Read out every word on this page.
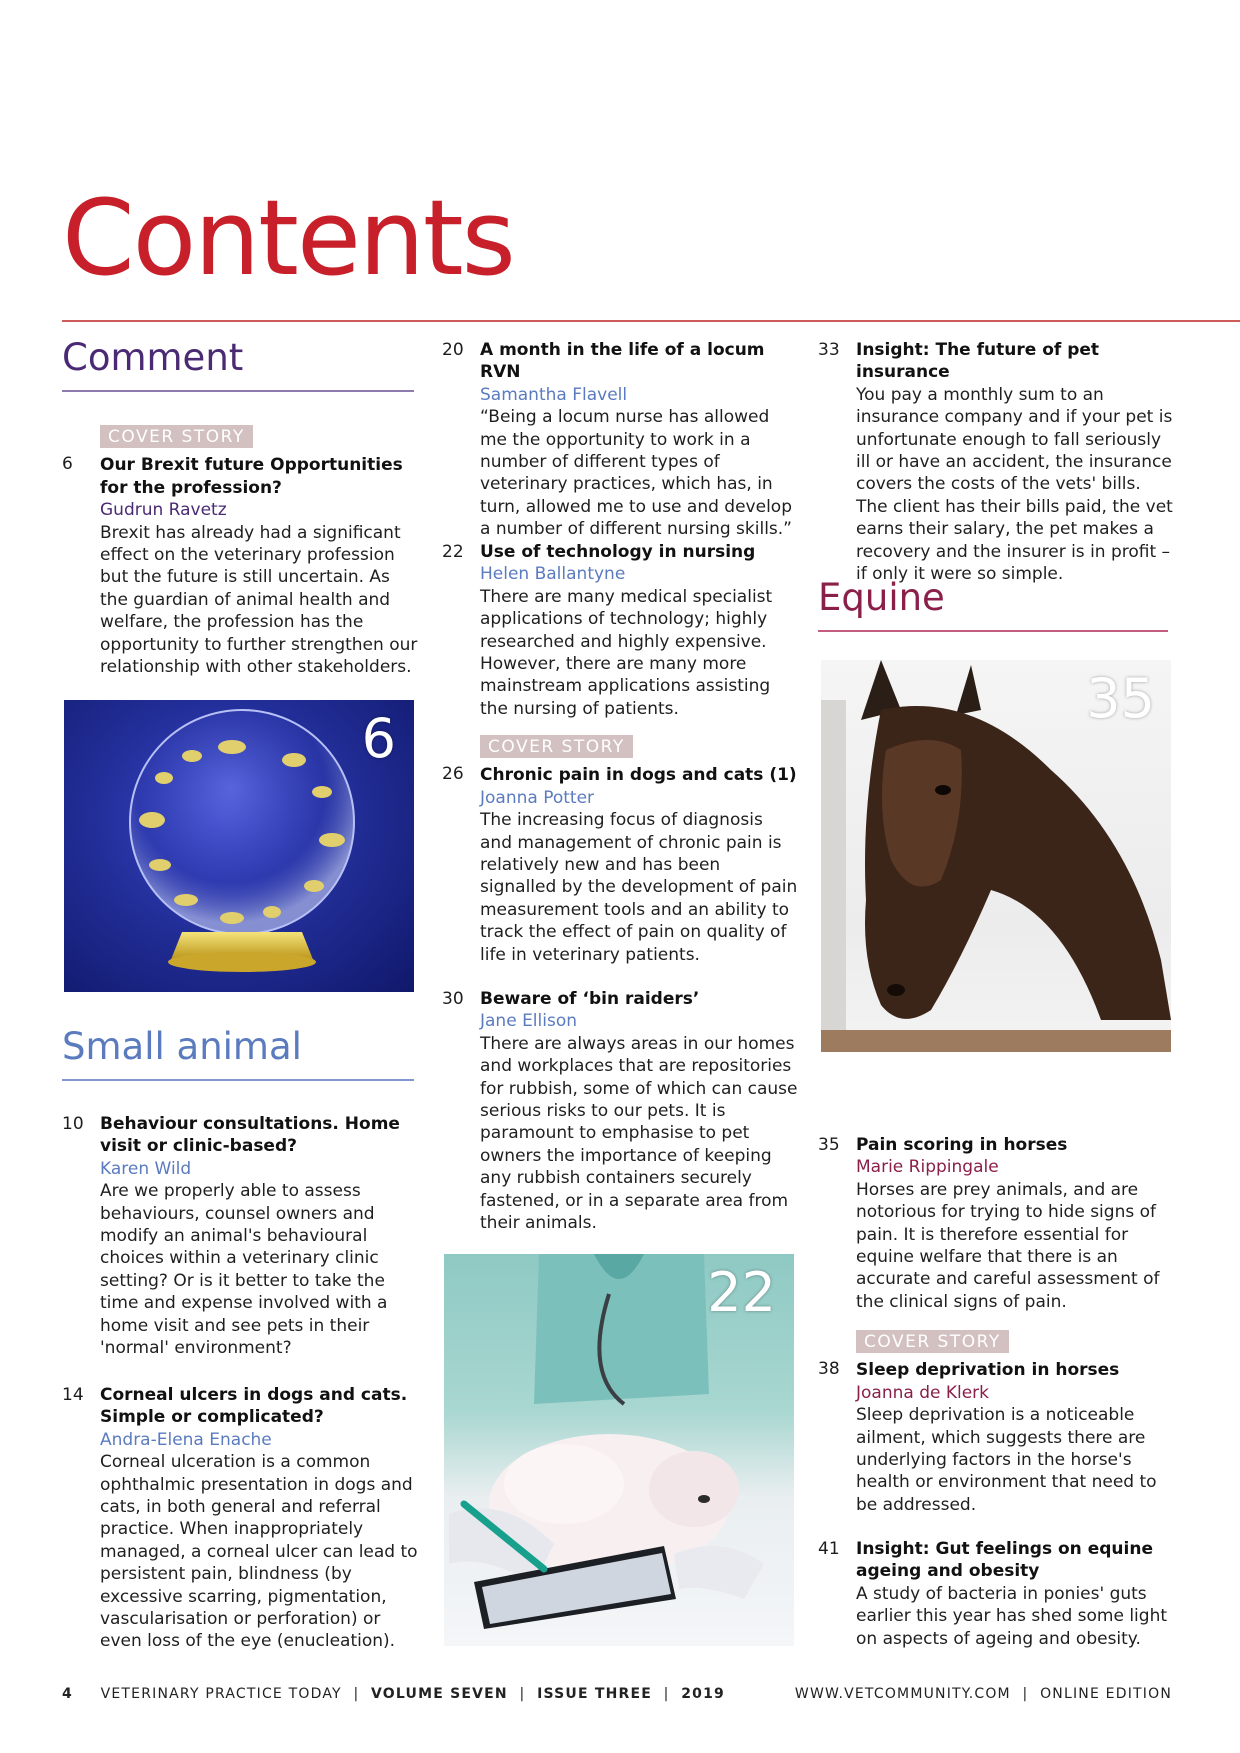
Contents
Comment
COVER STORY
6 Our Brexit future Opportunities for the profession?
Gudrun Ravetz
Brexit has already had a significant effect on the veterinary profession but the future is still uncertain. As the guardian of animal health and welfare, the profession has the opportunity to further strengthen our relationship with other stakeholders.
6
Small animal
10 Behaviour consultations. Home visit or clinic-based?
Karen Wild
Are we properly able to assess behaviours, counsel owners and modify an animal's behavioural choices within a veterinary clinic setting? Or is it better to take the time and expense involved with a home visit and see pets in their 'normal' environment?
14 Corneal ulcers in dogs and cats. Simple or complicated?
Andra-Elena Enache
Corneal ulceration is a common ophthalmic presentation in dogs and cats, in both general and referral practice. When inappropriately managed, a corneal ulcer can lead to persistent pain, blindness (by excessive scarring, pigmentation, vascularisation or perforation) or even loss of the eye (enucleation).
20 A month in the life of a locum RVN
Samantha Flavell
“Being a locum nurse has allowed me the opportunity to work in a number of different types of veterinary practices, which has, in turn, allowed me to use and develop a number of different nursing skills.”
22 Use of technology in nursing
Helen Ballantyne
There are many medical specialist applications of technology; highly researched and highly expensive. However, there are many more mainstream applications assisting the nursing of patients.
COVER STORY
26 Chronic pain in dogs and cats (1)
Joanna Potter
The increasing focus of diagnosis and management of chronic pain is relatively new and has been signalled by the development of pain measurement tools and an ability to track the effect of pain on quality of life in veterinary patients.
30 Beware of ‘bin raiders’
Jane Ellison
There are always areas in our homes and workplaces that are repositories for rubbish, some of which can cause serious risks to our pets. It is paramount to emphasise to pet owners the importance of keeping any rubbish containers securely fastened, or in a separate area from their animals.
22
33 Insight: The future of pet insurance
You pay a monthly sum to an insurance company and if your pet is unfortunate enough to fall seriously ill or have an accident, the insurance covers the costs of the vets' bills. The client has their bills paid, the vet earns their salary, the pet makes a recovery and the insurer is in profit – if only it were so simple.
Equine
35
35 Pain scoring in horses
Marie Rippingale
Horses are prey animals, and are notorious for trying to hide signs of pain. It is therefore essential for equine welfare that there is an accurate and careful assessment of the clinical signs of pain.
COVER STORY
38 Sleep deprivation in horses
Joanna de Klerk
Sleep deprivation is a noticeable ailment, which suggests there are underlying factors in the horse's health or environment that need to be addressed.
41 Insight: Gut feelings on equine ageing and obesity
A study of bacteria in ponies' guts earlier this year has shed some light on aspects of ageing and obesity.
4 VETERINARY PRACTICE TODAY | VOLUME SEVEN | ISSUE THREE | 2019	WWW.VETCOMMUNITY.COM | ONLINE EDITION
